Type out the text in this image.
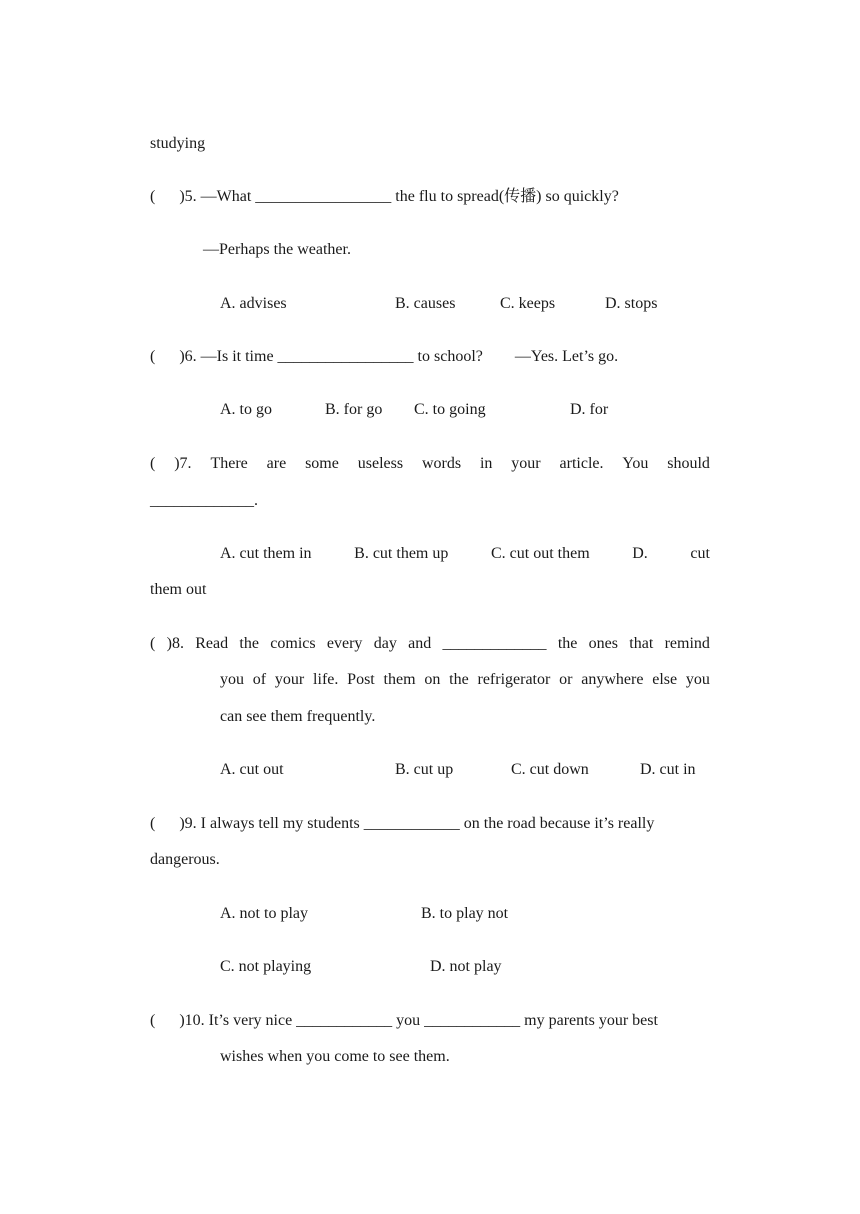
studying
(      )5. —What _________________ the flu to spread(传播) so quickly?
—Perhaps the weather.
A. advises	B. causes	C. keeps	D. stops
(      )6. —Is it time _________________ to school?        —Yes. Let’s go.
A. to go	B. for go C. to going	D. for
( )7. There are some useless words in your article. You should
_____________.
A. cut them in	B. cut them up	C. cut out them	D.	cut
them out
( )8. Read the comics every day and _____________ the ones that remind
you of your life. Post them on the refrigerator or anywhere else you
can see them frequently.
A. cut out	B. cut up	C. cut down	D. cut in
(      )9. I always tell my students ____________ on the road because it’s really
dangerous.
A. not to play	B. to play not
C. not playing	D. not play
(      )10. It’s very nice ____________ you ____________ my parents your best
wishes when you come to see them.
